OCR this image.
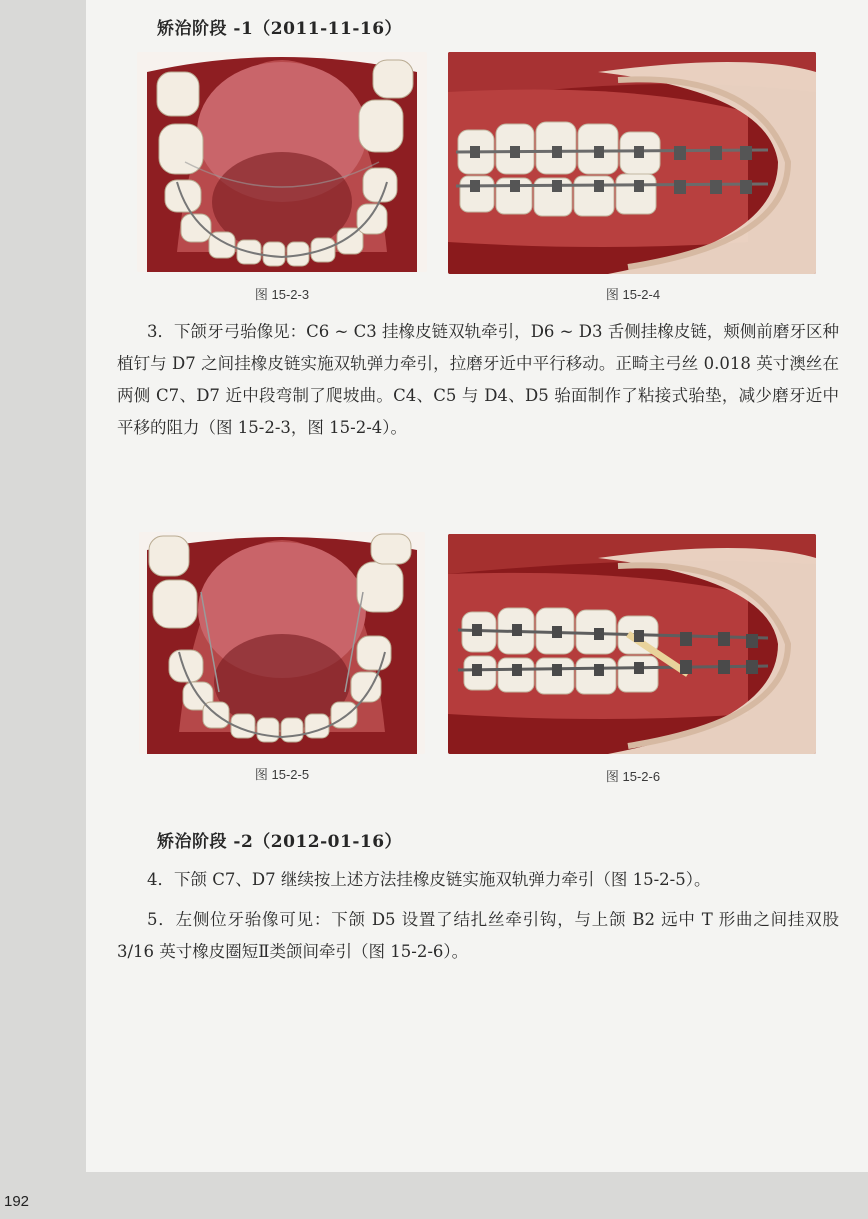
矫治阶段 -1（2011-11-16）
图 15-2-3	图 15-2-4

3．下颌牙弓骀像见：C6 ~ C3 挂橡皮链双轨牵引，D6 ~ D3 舌侧挂橡皮链，颊侧前磨牙区种植钉与 D7 之间挂橡皮链实施双轨弹力牵引，拉磨牙近中平行移动。正畸主弓丝 0.018 英寸澳丝在两侧 C7、D7 近中段弯制了爬坡曲。C4、C5 与 D4、D5 骀面制作了粘接式骀垫，减少磨牙近中平移的阻力（图 15-2-3，图 15-2-4）。

图 15-2-5	图 15-2-6
矫治阶段 -2（2012-01-16）

4．下颌 C7、D7 继续按上述方法挂橡皮链实施双轨弹力牵引（图 15-2-5）。

5．左侧位牙骀像可见：下颌 D5 设置了结扎丝牵引钩，与上颌 B2 远中 T 形曲之间挂双股 3/16 英寸橡皮圈短Ⅱ类颌间牵引（图 15-2-6）。

192
